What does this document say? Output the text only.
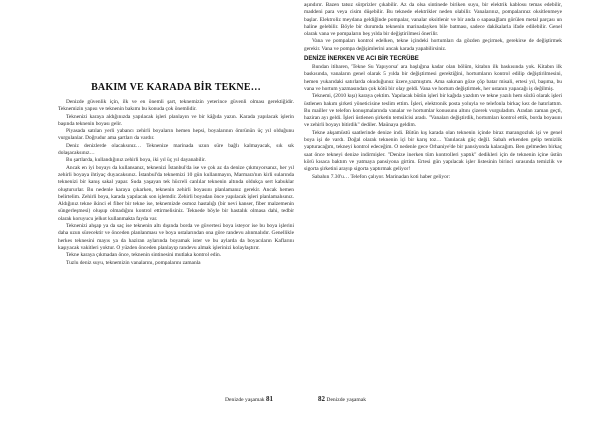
BAKIM VE KARADA BİR TEKNE…

Denizde güvenlik için, ilk ve en önemli şart, teknemizin yeterince güvenli olması gerektiğidir. Teknemizin yapısı ve teknenin bakımı bu konuda çok önemlidir.

Teknenizi karaya aldığınızda yapılacak işleri planlayın ve bir kâğıda yazın. Karada yapılacak işlerin başında teknenin boyası gelir.

Piyasada satılan yerli yabancı zehirli boyaların hemen hepsi, boyalarının ömrünün üç yıl olduğunu vurgulanlar. Doğrudur ama şartları da vardır.

Deniz denizlerde olacaksınız… Teknenize marinada uzun süre bağlı kalmayacak, sık sık dolaşacaksınız…

Bu şartlarda, kullandığınız zehirli boya, iki yıl üç yıl dayanabilir.

Ancak en iyi boyayı da kullansanız, teknenizi İstanbul'da ise ve çok az da denize çıkmıyorsanız, her yıl zehirli boyaya ihtiyaç duyacaksınız. İstanbul'da teknemizi 10 gün kullanmayın, Marmara'nın kirli sularında teknenizi bir kanış sakal yapar. Suda yaşayan tek hücreli canlılar teknenin altında oldukça sert kabuklar oluştururlar. Bu nedenle karaya çıkarken, teknenin zehirli boyasını planlamanız gerekir. Ancak hemen belirtelim. Zehirli boya, karada yapılacak son işlemdir. Zehirli boyadan önce yapılacak işleri planlamalısınız. Aldığınız tekne ikinci el fiber bir tekne ise, teknemizde osmoz hastalığı (bir nevi kanser, fiber malzemenin süngerleşmesi) oluşup olmadığını kontrol ettirmelisiniz. Teknede böyle bir hastalık olmasa dahi, tedbir olarak koruyucu jelkot kullanmakta fayda var.

Teknenizi ahşap ya da saç ise teknenin altı dışında borda ve güvertesi boya isteyor ise bu boya işlerini daha uzun sürecektir ve önceden planlanması ve boya ustalarından ona göre randevu alınmalıdır. Genellikle herkes teknesini mayıs ya da haziran aylarında boyamak ister ve bu aylarda da boyacıların Kaflarını kaşıyacak vakitleri yoktur. O yüzden önceden planlayıp randevu almak işlerinizi kolaylaştırır.

Tekne karaya çıkmadan önce, teknenin sintinesini mutlaka kontrol edin.

Tuzlu deniz suyu, teknemizin vanalarını, pompalarını zamanla

aşındırır. Bazen tatsız sürprizler çıkabilir. Az da olsa sintinede biriken suyu, bir elektrik kablosu temas edebilir, maddeni para veya cisim düşebilir. Bu teknede elektrikler neden olabilir. Vanalarınız, pompalarınız oksitlenmeye başlar. Elektroliz meydana geldiğinde pompalar, vanalar oksitlenir ve bir anda o sapasağlam görülen metal parçası un haline gelebilir. Böyle bir durumda teknenin marinadayken bile batması, sadece dakikalarla ifade edilebilir. Genel olarak vana ve pompaların beş yılda bir değiştirilmesi önerilir.

Vana ve pompaları kontrol edelken, tekne içindeki hortumları da gözden geçirmek, gerekirse de değiştirmek gerekir. Vana ve pompa değişimlerini ancak karada yapabilirsiniz.

DENİZE İNERKEN VE ACI BİR TECRÜBE

Bundan itibaren, 'Tekne Su Yapıyorsa' ara başlığına kadar olan bölüm, kitabın ilk baskısında yok. Kitabın ilk baskısında, vanaların genel olarak 5 yılda bir değiştirmesi gerektiğini, hortumların kontrol edilip değiştirilmesini, hemen yukarıdaki satırlarda okuduğunuz üzere,yazmıştım. Ama sakınan göze çöp batar misali, ertesi yıl, başıma, bu vana ve hortum yazmasından çok kötü bir olay geldi. Vana ve hortum değiştirmek, her ustanın yapacağı iş değilmiş.

Teknemi, (2010 kışı) karaya çektim. Yapılacak bütün işleri bir kağıda yazdım ve tekne yazılı hem sözlü olarak işleri üstlenen bakım şirketi yöneticisine teslim ettim. İşleri, elektronik posta yoluyla ve telefonla birkaç kez de hatırlattım. Bu mailler ve telefon konuşmalarında vanalar ve hortumlar konusunu altını çizerek vurguladım. Aradan zaman geçti, haziran ayı geldi. İşleri üstlenen şirketin temsilcisi aradı. "Vanaları değiştirdik, hortumları kontrol ettik, borda boyasını ve zehirli boyayı bitirdik" dediler. Maünaya geldim.

Tekne akşamüstü saatlerinde denize indi. Bütün kış karada olan teknenin içinde biraz marangozluk işi ve genel boya işi de vardı. Doğal olarak teknenin içi bir karış toz… Yanılacak güç değil. Sabah erkenden gelip temizlik yapturacağım, tekneyi kontrol edeceğim. O nedenle gece Orhaniye'de bir pansiyonda kalacağım. Ben gelmeden birkaç saat önce tekneyi denize indirmişler. "Denize inerken tüm kontrolleri yaptık" dedikleri için de teknenin içine üstün körü kısaca baktım ve yatmaya pansiyona girtim. Ertesi gün yapılacak işler listesinin birinci sırasında temizlik ve sigorta şirketini arayıp sigorta yaptırmak geliyor!

Sabahın 7.30'u… Telefon çalıyor. Marinadan koti haber geliyor:

Denizde yaşamak 81	82 Denizde yaşamak
